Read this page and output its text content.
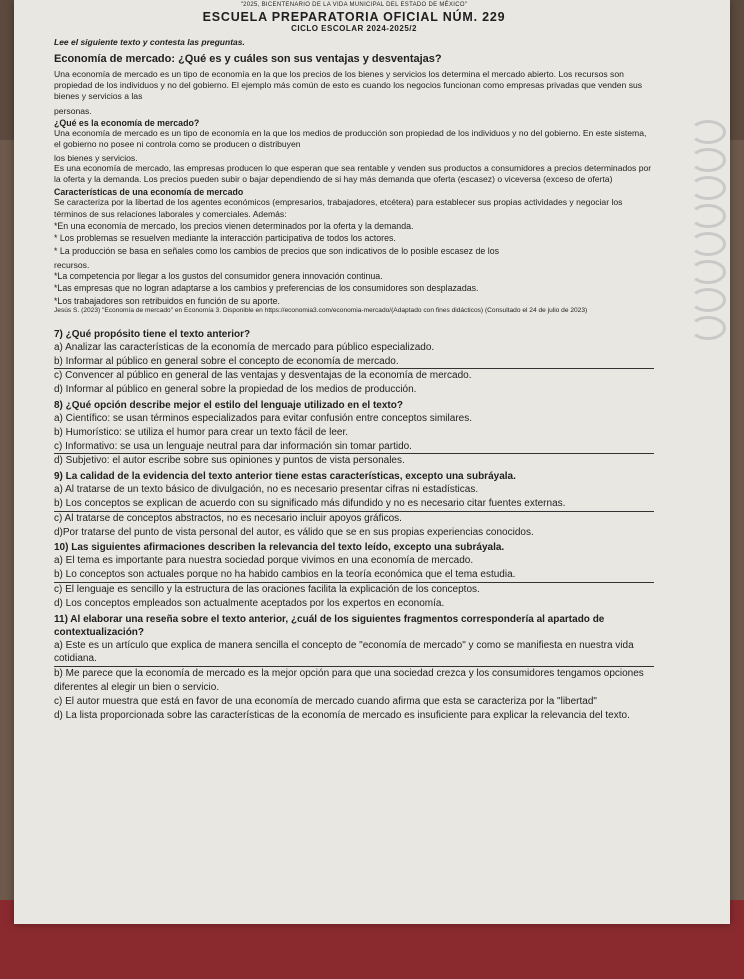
"2025, BICENTENARIO DE LA VIDA MUNICIPAL DEL ESTADO DE MÉXICO"
ESCUELA PREPARATORIA OFICIAL NÚM. 229
CICLO ESCOLAR 2024-2025/2
Lee el siguiente texto y contesta las preguntas.
Economía de mercado: ¿Qué es y cuáles son sus ventajas y desventajas?

Una economía de mercado es un tipo de economía en la que los precios de los bienes y servicios los determina el mercado abierto. Los recursos son propiedad de los individuos y no del gobierno. El ejemplo más común de esto es cuando los negocios funcionan como empresas privadas que venden sus bienes y servicios a las

personas.
¿Qué es la economía de mercado?

Una economía de mercado es un tipo de economía en la que los medios de producción son propiedad de los individuos y no del gobierno. En este sistema, el gobierno no posee ni controla como se producen o distribuyen

los bienes y servicios.

Es una economía de mercado, las empresas producen lo que esperan que sea rentable y venden sus productos a consumidores a precios determinados por la oferta y la demanda. Los precios pueden subir o bajar dependiendo de si hay más demanda que oferta (escasez) o viceversa (exceso de oferta)

Características de una economía de mercado

Se caracteriza por la libertad de los agentes económicos (empresarios, trabajadores, etcétera) para establecer sus propias actividades y negociar los términos de sus relaciones laborales y comerciales. Además:

*En una economía de mercado, los precios vienen determinados por la oferta y la demanda.
* Los problemas se resuelven mediante la interacción participativa de todos los actores.
* La producción se basa en señales como los cambios de precios que son indicativos de lo posible escasez de los
recursos.
*La competencia por llegar a los gustos del consumidor genera innovación continua.
*Las empresas que no logran adaptarse a los cambios y preferencias de los consumidores son desplazadas.
*Los trabajadores son retribuidos en función de su aporte.
Jesús S. (2023) "Economía de mercado" en Economía 3. Disponible en https://economia3.com/economia-mercado/(Adaptado con fines didácticos) (Consultado el 24 de julio de 2023)
7) ¿Qué propósito tiene el texto anterior?
a) Analizar las características de la economía de mercado para público especializado.
b) Informar al público en general sobre el concepto de economía de mercado.
c) Convencer al público en general de las ventajas y desventajas de la economía de mercado.
d) Informar al público en general sobre la propiedad de los medios de producción.
8) ¿Qué opción describe mejor el estilo del lenguaje utilizado en el texto?
a) Científico: se usan términos especializados para evitar confusión entre conceptos similares.
b) Humorístico: se utiliza el humor para crear un texto fácil de leer.
c) Informativo: se usa un lenguaje neutral para dar información sin tomar partido.
d) Subjetivo: el autor escribe sobre sus opiniones y puntos de vista personales.
9) La calidad de la evidencia del texto anterior tiene estas características, excepto una subráyala.
a) Al tratarse de un texto básico de divulgación, no es necesario presentar cifras ni estadísticas.
b) Los conceptos se explican de acuerdo con su significado más difundido y no es necesario citar fuentes externas.
c) Al tratarse de conceptos abstractos, no es necesario incluir apoyos gráficos.
d)Por tratarse del punto de vista personal del autor, es válido que se en sus propias experiencias conocidos.
10) Las siguientes afirmaciones describen la relevancia del texto leído, excepto una subráyala.
a) El tema es importante para nuestra sociedad porque vivimos en una economía de mercado.
b) Lo conceptos son actuales porque no ha habido cambios en la teoría económica que el tema estudia.
c) El lenguaje es sencillo y la estructura de las oraciones facilita la explicación de los conceptos.
d) Los conceptos empleados son actualmente aceptados por los expertos en economía.
11) Al elaborar una reseña sobre el texto anterior, ¿cuál de los siguientes fragmentos correspondería al apartado de contextualización?
a) Este es un artículo que explica de manera sencilla el concepto de "economía de mercado" y como se manifiesta en nuestra vida cotidiana.
b) Me parece que la economía de mercado es la mejor opción para que una sociedad crezca y los consumidores tengamos opciones diferentes al elegir un bien o servicio.
c) El autor muestra que está en favor de una economía de mercado cuando afirma que esta se caracteriza por la "libertad"
d) La lista proporcionada sobre las características de la economía de mercado es insuficiente para explicar la relevancia del texto.
